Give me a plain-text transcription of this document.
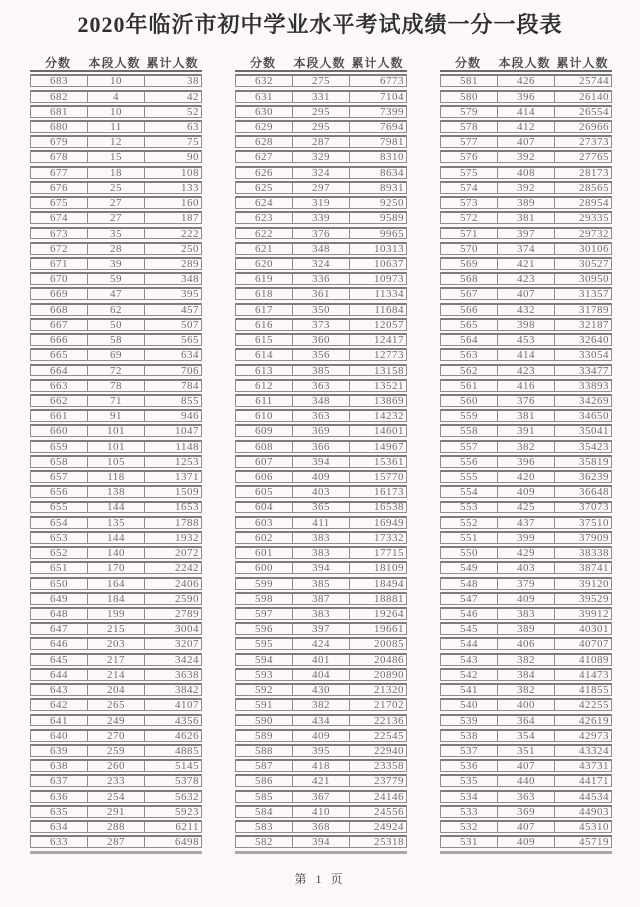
2020年临沂市初中学业水平考试成绩一分一段表
分数	本段人数 累计人数
683	10	38
682	4	42
681	10	52
680	11	63
679	12	75
678	15	90
677	18	108
676	25	133
675	27	160
674	27	187
673	35	222
672	28	250
671	39	289
670	59	348
669	47	395
668	62	457
667	50	507
666	58	565
665	69	634
664	72	706
663	78	784
662	71	855
661	91	946
660	101	1047
659	101	1148
658	105	1253
657	118	1371
656	138	1509
655	144	1653
654	135	1788
653	144	1932
652	140	2072
651	170	2242
650	164	2406
649	184	2590
648	199	2789
647	215	3004
646	203	3207
645	217	3424
644	214	3638
643	204	3842
642	265	4107
641	249	4356
640	270	4626
639	259	4885
638	260	5145
637	233	5378
636	254	5632
635	291	5923
634	288	6211
633	287	6498
分数	本段人数 累计人数
632	275	6773
631	331	7104
630	295	7399
629	295	7694
628	287	7981
627	329	8310
626	324	8634
625	297	8931
624	319	9250
623	339	9589
622	376	9965
621	348	10313
620	324	10637
619	336	10973
618	361	11334
617	350	11684
616	373	12057
615	360	12417
614	356	12773
613	385	13158
612	363	13521
611	348	13869
610	363	14232
609	369	14601
608	366	14967
607	394	15361
606	409	15770
605	403	16173
604	365	16538
603	411	16949
602	383	17332
601	383	17715
600	394	18109
599	385	18494
598	387	18881
597	383	19264
596	397	19661
595	424	20085
594	401	20486
593	404	20890
592	430	21320
591	382	21702
590	434	22136
589	409	22545
588	395	22940
587	418	23358
586	421	23779
585	367	24146
584	410	24556
583	368	24924
582	394	25318
分数	本段人数 累计人数
581	426	25744
580	396	26140
579	414	26554
578	412	26966
577	407	27373
576	392	27765
575	408	28173
574	392	28565
573	389	28954
572	381	29335
571	397	29732
570	374	30106
569	421	30527
568	423	30950
567	407	31357
566	432	31789
565	398	32187
564	453	32640
563	414	33054
562	423	33477
561	416	33893
560	376	34269
559	381	34650
558	391	35041
557	382	35423
556	396	35819
555	420	36239
554	409	36648
553	425	37073
552	437	37510
551	399	37909
550	429	38338
549	403	38741
548	379	39120
547	409	39529
546	383	39912
545	389	40301
544	406	40707
543	382	41089
542	384	41473
541	382	41855
540	400	42255
539	364	42619
538	354	42973
537	351	43324
536	407	43731
535	440	44171
534	363	44534
533	369	44903
532	407	45310
531	409	45719
第 1 页
